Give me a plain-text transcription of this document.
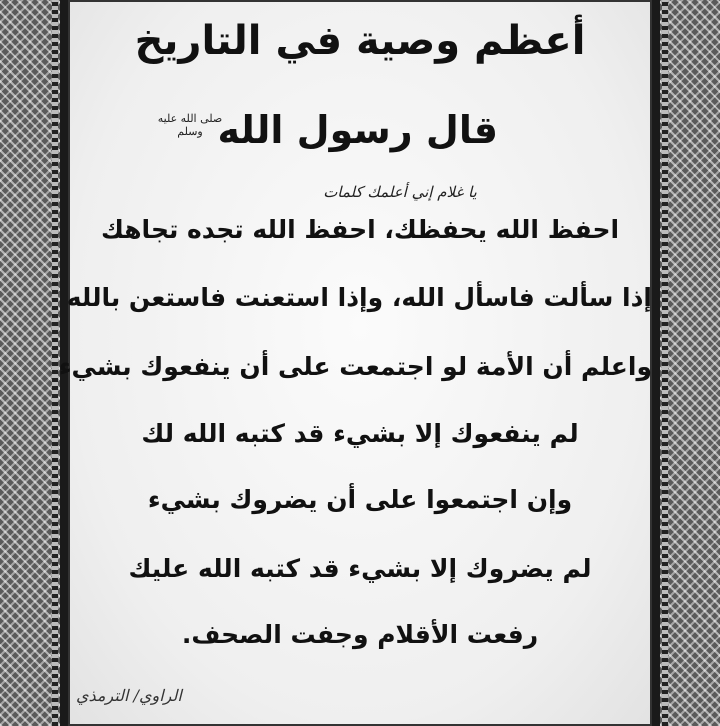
أعظم وصية في التاريخ
قال رسول الله
صلى الله عليه وسلم
يا غلام إني أعلمك كلمات
احفظ الله يحفظك، احفظ الله تجده تجاهك
إذا سألت فاسأل الله، وإذا استعنت فاستعن بالله
واعلم أن الأمة لو اجتمعت على أن ينفعوك بشيء
لم ينفعوك إلا بشيء قد كتبه الله لك
وإن اجتمعوا على أن يضروك بشيء
لم يضروك إلا بشيء قد كتبه الله عليك
رفعت الأقلام وجفت الصحف.
الراوي/ الترمذي
